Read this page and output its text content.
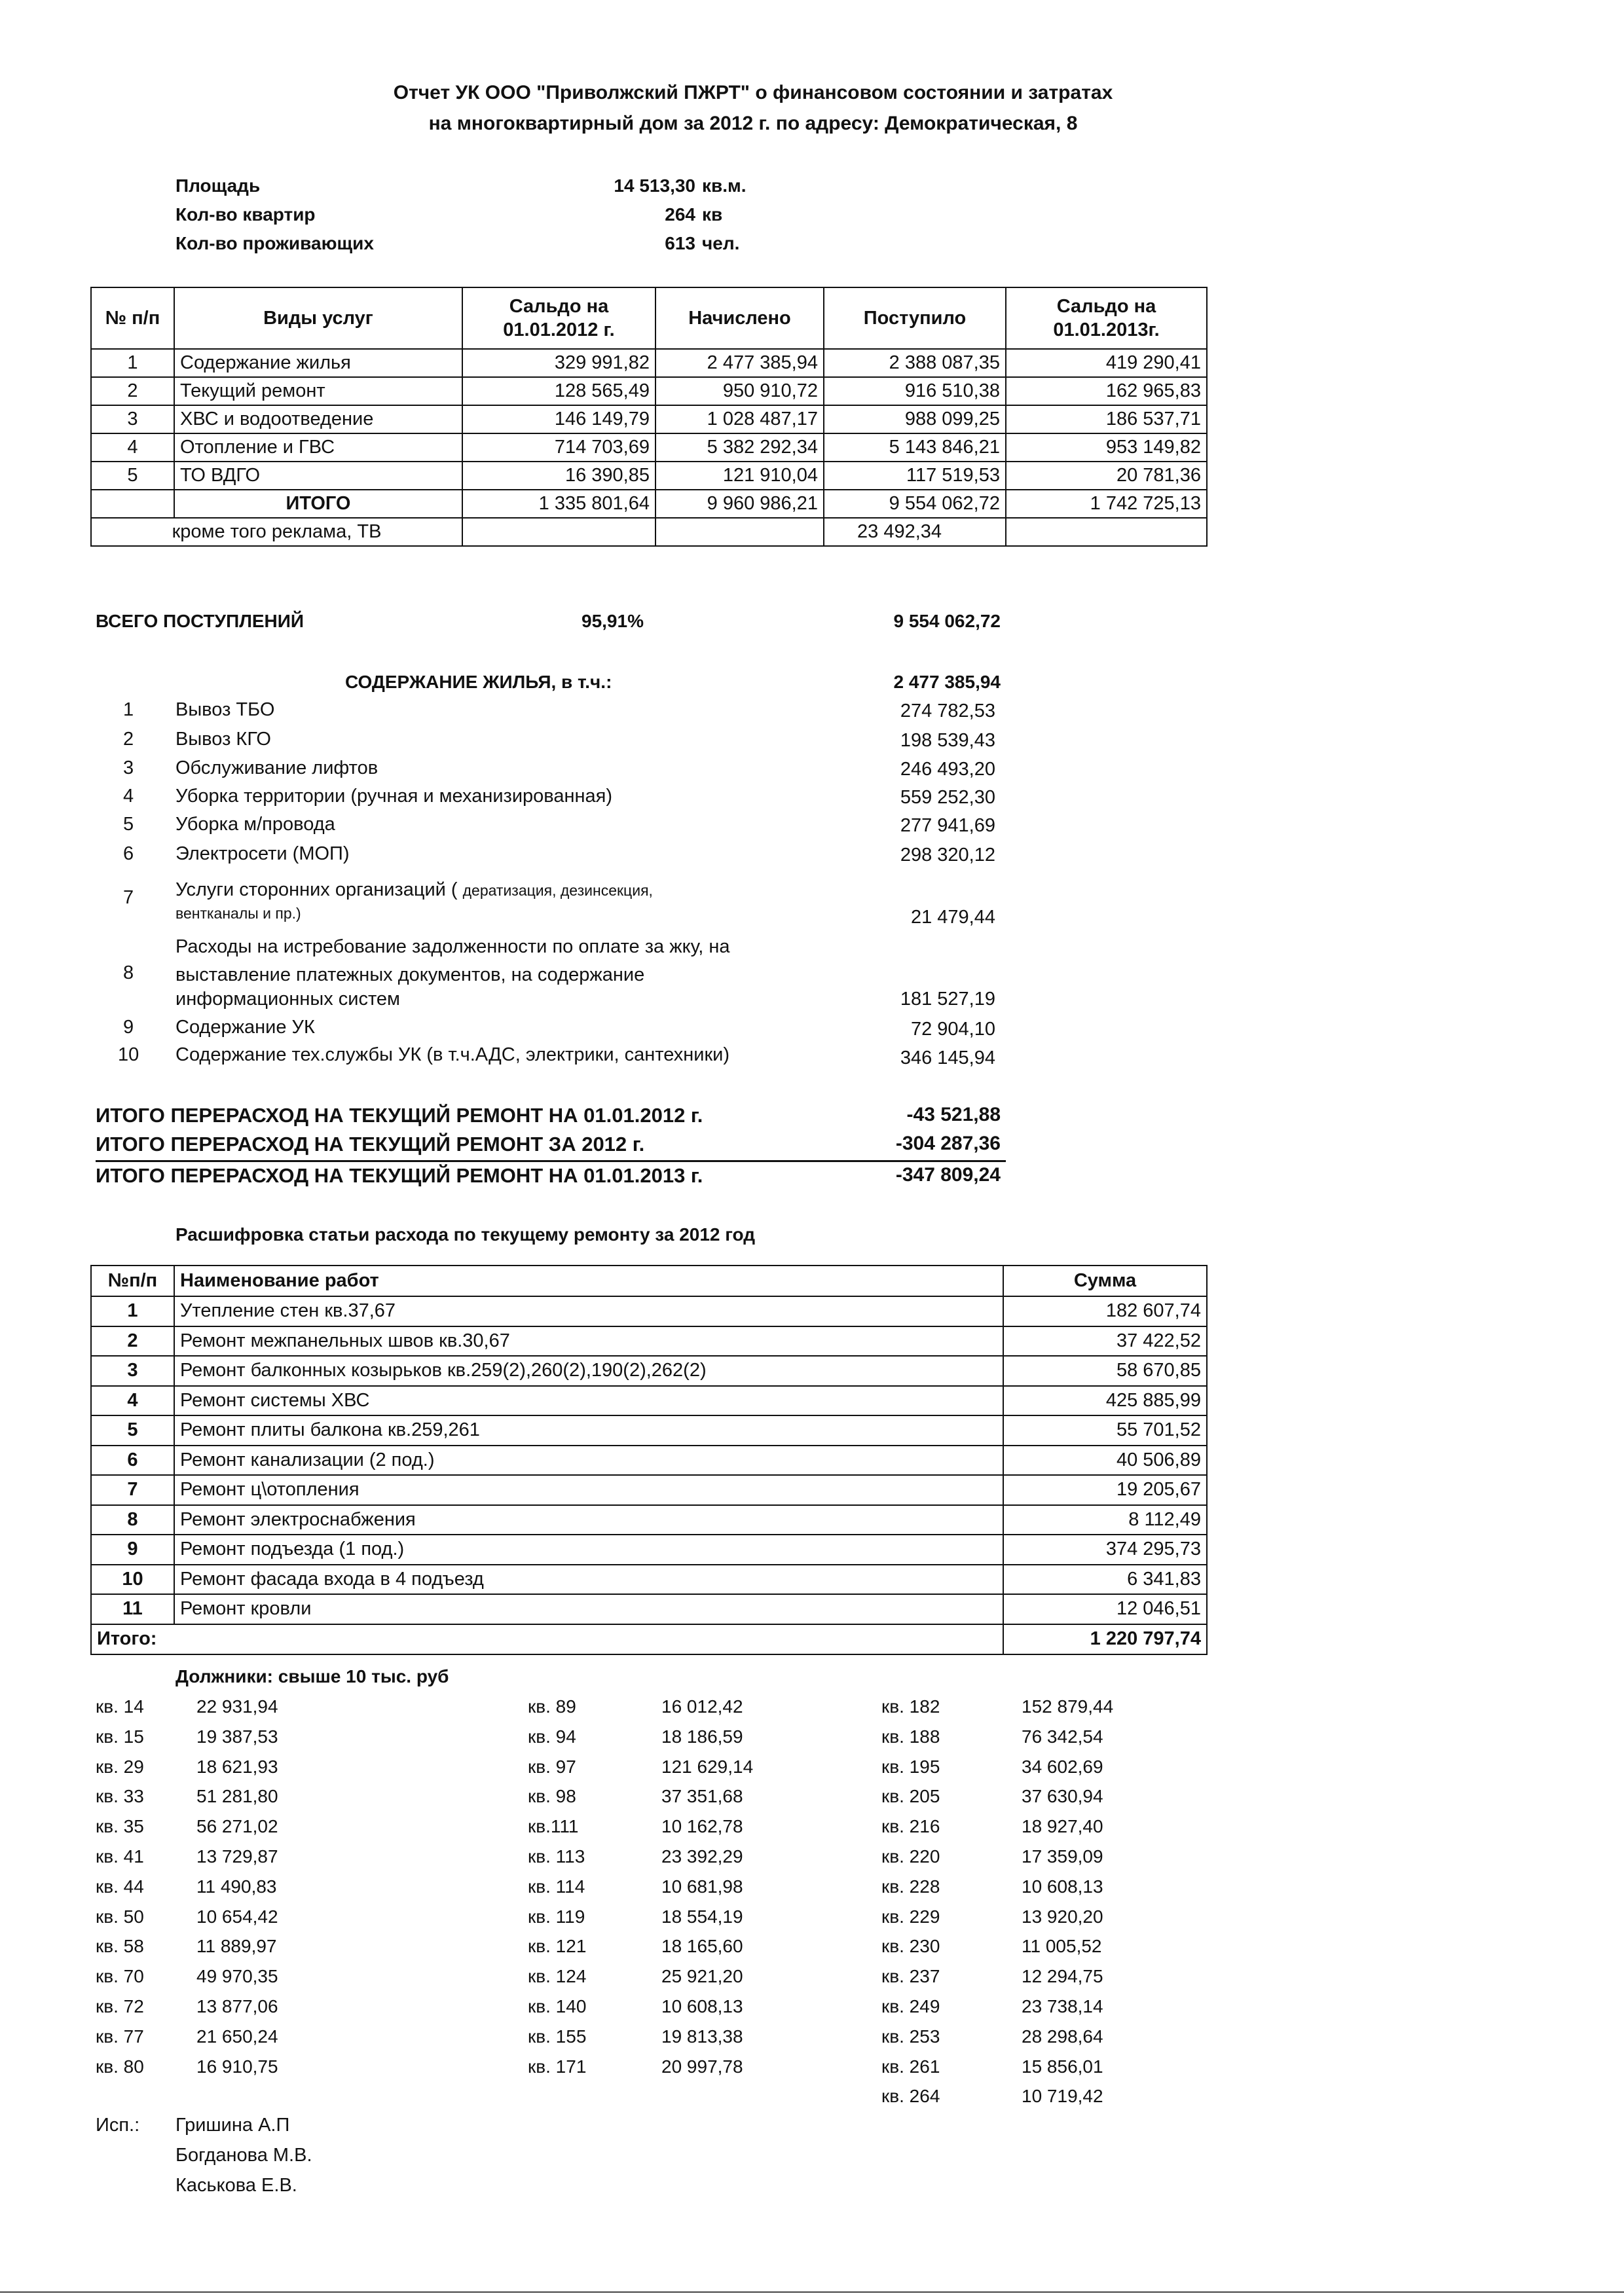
Отчет УК ООО "Приволжский ПЖРТ" о финансовом состоянии и затратах
на многоквартирный дом за 2012 г. по адресу: Демократическая, 8
Площадь	14 513,30 кв.м.
Кол-во квартир	264 кв
Кол-во проживающих	613 чел.
№ п/п	Виды услуг	Сальдо на 01.01.2012 г.	Начислено	Поступило	Сальдо на 01.01.2013г.
1	Содержание жилья	329 991,82	2 477 385,94	2 388 087,35	419 290,41
2	Текущий ремонт	128 565,49	950 910,72	916 510,38	162 965,83
3	ХВС и водоотведение	146 149,79	1 028 487,17	988 099,25	186 537,71
4	Отопление и ГВС	714 703,69	5 382 292,34	5 143 846,21	953 149,82
5	ТО ВДГО	16 390,85	121 910,04	117 519,53	20 781,36
	ИТОГО	1 335 801,64	9 960 986,21	9 554 062,72	1 742 725,13
кроме того реклама, ТВ				23 492,34	
ВСЕГО ПОСТУПЛЕНИЙ	95,91%	9 554 062,72
СОДЕРЖАНИЕ ЖИЛЬЯ, в т.ч.:	2 477 385,94
1 Вывоз ТБО	274 782,53
2 Вывоз КГО	198 539,43
3 Обслуживание лифтов	246 493,20
4 Уборка территории (ручная и механизированная)	559 252,30
5 Уборка м/провода	277 941,69
6 Электросети (МОП)	298 320,12
7 Услуги сторонних организаций ( дератизация, дезинсекция,
вентканалы и пр.)	21 479,44
8
Расходы на истребование задолженности по оплате за жку, на
выставление платежных документов, на содержание
информационных систем	181 527,19
9 Содержание УК	72 904,10
10 Содержание тех.службы УК (в т.ч.АДС, электрики, сантехники)	346 145,94
ИТОГО ПЕРЕРАСХОД НА ТЕКУЩИЙ РЕМОНТ НА 01.01.2012 г.	-43 521,88
ИТОГО ПЕРЕРАСХОД НА ТЕКУЩИЙ РЕМОНТ ЗА 2012 г.	-304 287,36
ИТОГО ПЕРЕРАСХОД НА ТЕКУЩИЙ РЕМОНТ НА 01.01.2013 г.	-347 809,24
Расшифровка статьи расхода по текущему ремонту за 2012 год
№п/п	Наименование работ	Сумма
1	Утепление стен кв.37,67	182 607,74
2	Ремонт межпанельных швов кв.30,67	37 422,52
3	Ремонт балконных козырьков кв.259(2),260(2),190(2),262(2)	58 670,85
4	Ремонт системы ХВС	425 885,99
5	Ремонт плиты балкона кв.259,261	55 701,52
6	Ремонт канализации (2 под.)	40 506,89
7	Ремонт ц\отопления	19 205,67
8	Ремонт электроснабжения	8 112,49
9	Ремонт подъезда (1 под.)	374 295,73
10	Ремонт фасада входа в 4 подъезд	6 341,83
11	Ремонт кровли	12 046,51
Итого:		1 220 797,74
Должники: свыше 10 тыс. руб
кв. 14	22 931,94
кв. 15	19 387,53
кв. 29	18 621,93
кв. 33	51 281,80
кв. 35	56 271,02
кв. 41	13 729,87
кв. 44	11 490,83
кв. 50	10 654,42
кв. 58	11 889,97
кв. 70	49 970,35
кв. 72	13 877,06
кв. 77	21 650,24
кв. 80	16 910,75
кв. 89	16 012,42
кв. 94	18 186,59
кв. 97	121 629,14
кв. 98	37 351,68
кв.111	10 162,78
кв. 113	23 392,29
кв. 114	10 681,98
кв. 119	18 554,19
кв. 121	18 165,60
кв. 124	25 921,20
кв. 140	10 608,13
кв. 155	19 813,38
кв. 171	20 997,78
кв. 182	152 879,44
кв. 188	76 342,54
кв. 195	34 602,69
кв. 205	37 630,94
кв. 216	18 927,40
кв. 220	17 359,09
кв. 228	10 608,13
кв. 229	13 920,20
кв. 230	11 005,52
кв. 237	12 294,75
кв. 249	23 738,14
кв. 253	28 298,64
кв. 261	15 856,01
кв. 264	10 719,42
Исп.: Гришина А.П
Богданова М.В.
Каськова Е.В.
